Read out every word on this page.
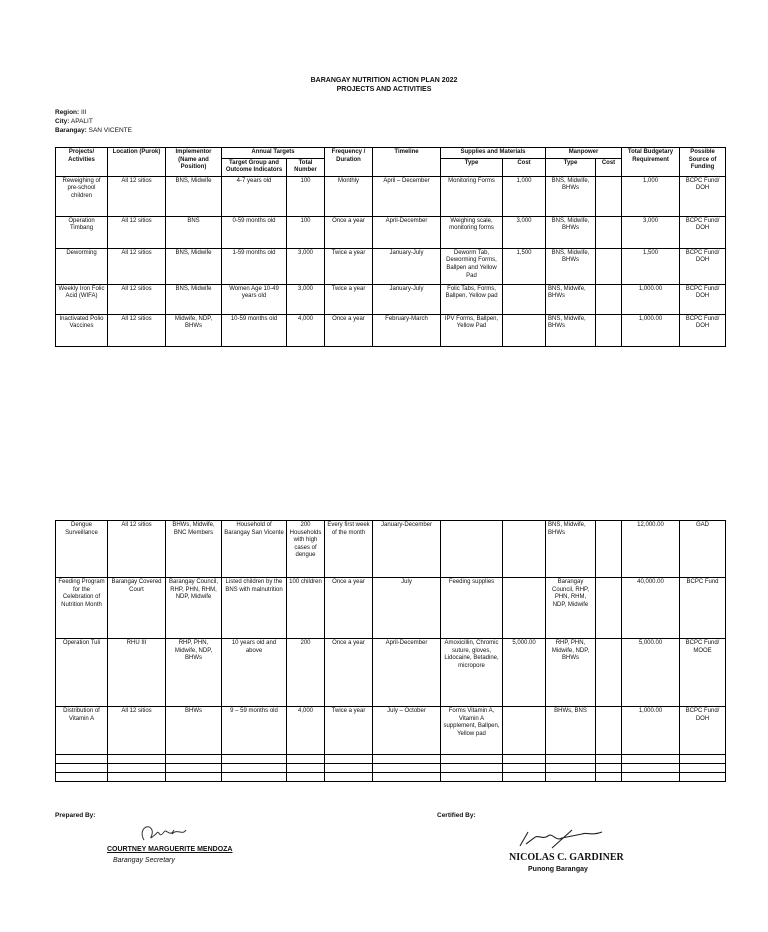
BARANGAY NUTRITION ACTION PLAN 2022
PROJECTS AND ACTIVITIES
Region: III
City: APALIT
Barangay: SAN VICENTE
Projects/ Activities	Location (Purok)	Implementor (Name and Position)	Annual Targets		Frequency / Duration	Timeline	Supplies and Materials		Manpower		Total Budgetary Requirement	Possible Source of Funding
			Target Group and Outcome Indicators	Total Number			Type	Cost	Type	Cost		
Reweighing of pre-school children	All 12 sitios	BNS, Midwife	4-7 years old	100	Monthly	April – December	Monitoring Forms	1,000	BNS, Midwife, BHWs		1,000	BCPC Fund/ DOH
Operation Timbang	All 12 sitios	BNS	0-59 months old	100	Once a year	April-December	Weighing scale, monitoring forms	3,000	BNS, Midwife, BHWs		3,000	BCPC Fund/ DOH
Deworming	All 12 sitios	BNS, Midwife	1-59 months old	3,000	Twice a year	January-July	Deworm Tab, Deworming Forms, Ballpen and Yellow Pad	1,500	BNS, Midwife, BHWs		1,500	BCPC Fund/ DOH
Weekly Iron Folic Acid (WIFA)	All 12 sitios	BNS, Midwife	Women Age 10-49 years old	3,000	Twice a year	January-July	Folic Tabs, Forms, Ballpen, Yellow pad		BNS, Midwife, BHWs		1,000.00	BCPC Fund/ DOH
Inactivated Polio Vaccines	All 12 sitios	Midwife, NDP, BHWs	10-59 months old	4,000	Once a year	February-March	IPV Forms, Ballpen, Yellow Pad		BNS, Midwife, BHWs		1,000.00	BCPC Fund/ DOH
Dengue Surveillance	All 12 sitios	BHWs, Midwife, BNC Members	Household of Barangay San Vicente	200 Households with high cases of dengue	Every first week of the month	January-December			BNS, Midwife, BHWs		12,000.00	GAD
Feeding Program for the Celebration of Nutrition Month	Barangay Covered Court	Barangay Council, RHP, PHN, RHM, NDP, Midwife	Listed children by the BNS with malnutrition	100 children	Once a year	July	Feeding supplies		Barangay Council, RHP, PHN, RHM, NDP, Midwife		40,000.00	BCPC Fund
Operation Tuli	RHU III	RHP, PHN, Midwife, NDP, BHWs	10 years old and above	200	Once a year	April-December	Amoxicillin, Chromic suture, gloves, Lidocaine, Betadine, micropore	5,000.00	RHP, PHN, Midwife, NDP, BHWs		5,000.00	BCPC Fund/ MOOE
Distribution of Vitamin A	All 12 sitios	BHWs	9 – 59 months old	4,000	Twice a year	July – October	Forms Vitamin A, Vitamin A supplement, Ballpen, Yellow pad		BHWs, BNS		1,000.00	BCPC Fund/ DOH

Prepared By:
COURTNEY MARGUERITE MENDOZA
Barangay Secretary
Certified By:
NICOLAS C. GARDINER
Punong Barangay
